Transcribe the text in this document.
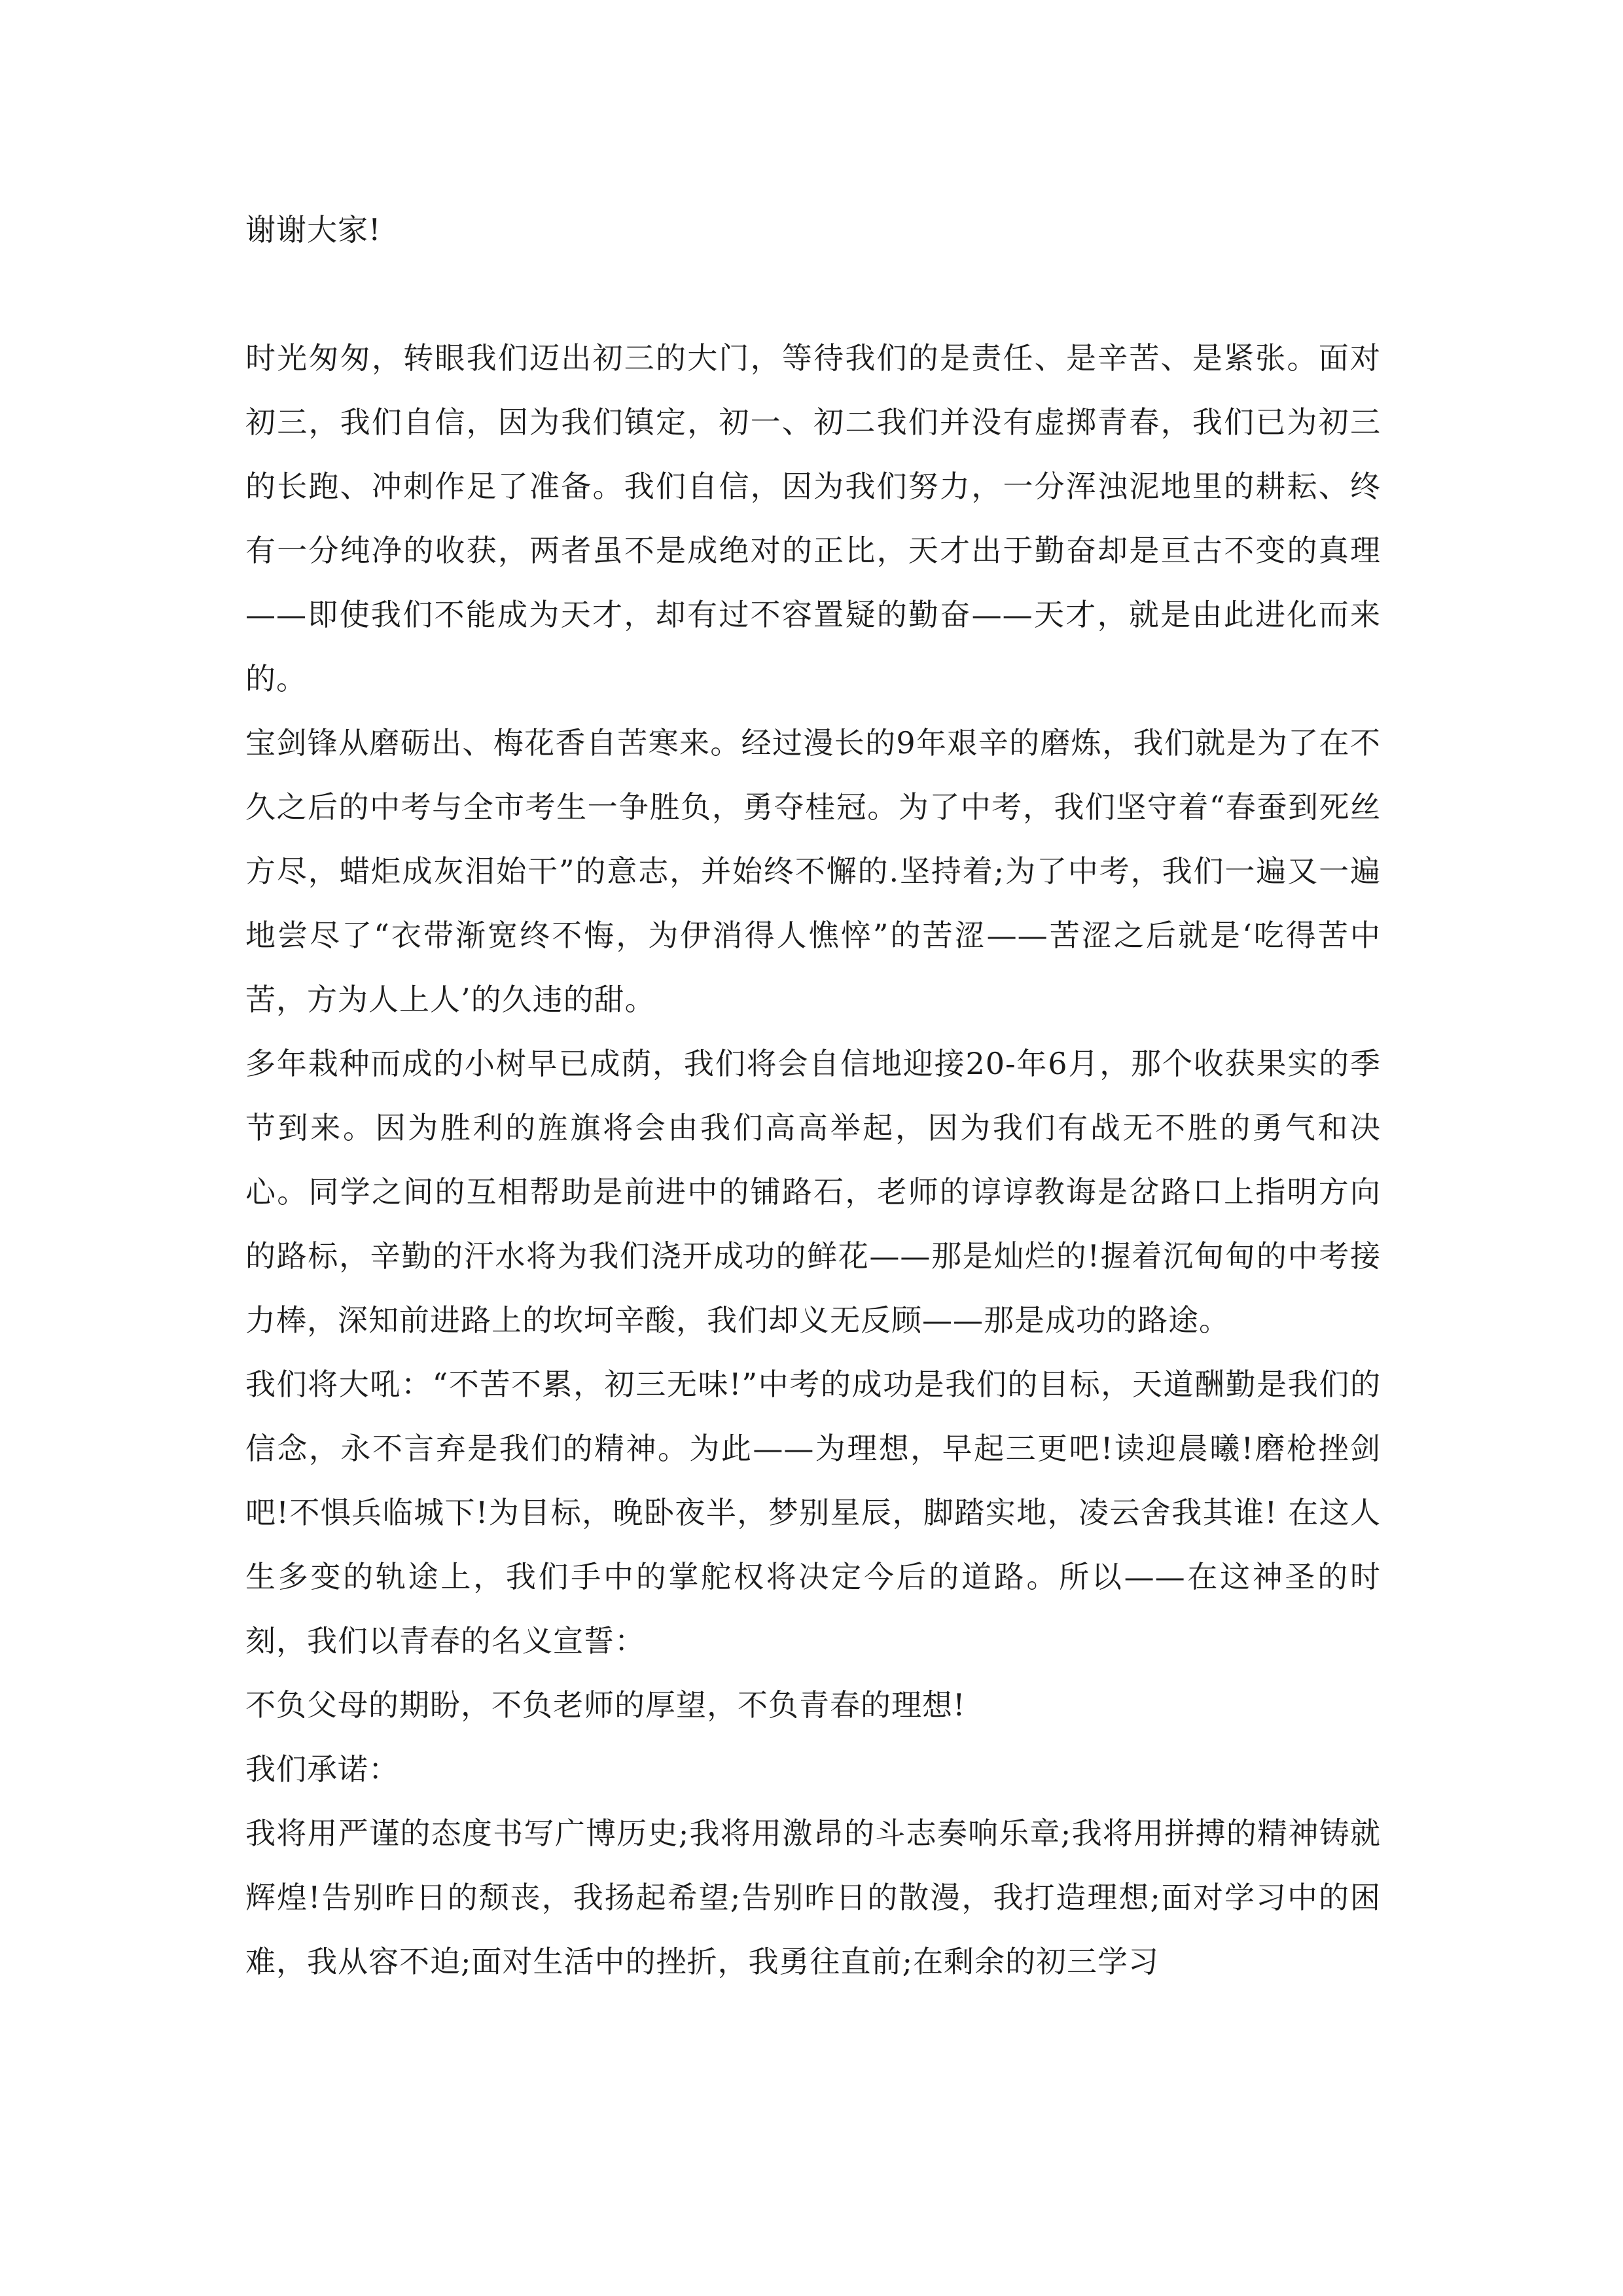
谢谢大家!

时光匆匆，转眼我们迈出初三的大门，等待我们的是责任、是辛苦、是紧张。面对初三，我们自信，因为我们镇定，初一、初二我们并没有虚掷青春，我们已为初三的长跑、冲刺作足了准备。我们自信，因为我们努力，一分浑浊泥地里的耕耘、终有一分纯净的收获，两者虽不是成绝对的正比，天才出于勤奋却是亘古不变的真理——即使我们不能成为天才，却有过不容置疑的勤奋——天才，就是由此进化而来的。

宝剑锋从磨砺出、梅花香自苦寒来。经过漫长的9年艰辛的磨炼，我们就是为了在不久之后的中考与全市考生一争胜负，勇夺桂冠。为了中考，我们坚守着“春蚕到死丝方尽，蜡炬成灰泪始干”的意志，并始终不懈的.坚持着;为了中考，我们一遍又一遍地尝尽了“衣带渐宽终不悔，为伊消得人憔悴”的苦涩——苦涩之后就是‘吃得苦中苦，方为人上人’的久违的甜。

多年栽种而成的小树早已成荫，我们将会自信地迎接20-年6月，那个收获果实的季节到来。因为胜利的旌旗将会由我们高高举起，因为我们有战无不胜的勇气和决心。同学之间的互相帮助是前进中的铺路石，老师的谆谆教诲是岔路口上指明方向的路标，辛勤的汗水将为我们浇开成功的鲜花——那是灿烂的!握着沉甸甸的中考接力棒，深知前进路上的坎坷辛酸，我们却义无反顾——那是成功的路途。

我们将大吼：“不苦不累，初三无味!”中考的成功是我们的目标，天道酬勤是我们的信念，永不言弃是我们的精神。为此——为理想，早起三更吧!读迎晨曦!磨枪挫剑吧!不惧兵临城下!为目标，晚卧夜半，梦别星辰，脚踏实地，凌云舍我其谁! 在这人生多变的轨途上，我们手中的掌舵权将决定今后的道路。所以——在这神圣的时刻，我们以青春的名义宣誓：

不负父母的期盼，不负老师的厚望，不负青春的理想!

我们承诺：

我将用严谨的态度书写广博历史;我将用激昂的斗志奏响乐章;我将用拼搏的精神铸就辉煌!告别昨日的颓丧，我扬起希望;告别昨日的散漫，我打造理想;面对学习中的困难，我从容不迫;面对生活中的挫折，我勇往直前;在剩余的初三学习
